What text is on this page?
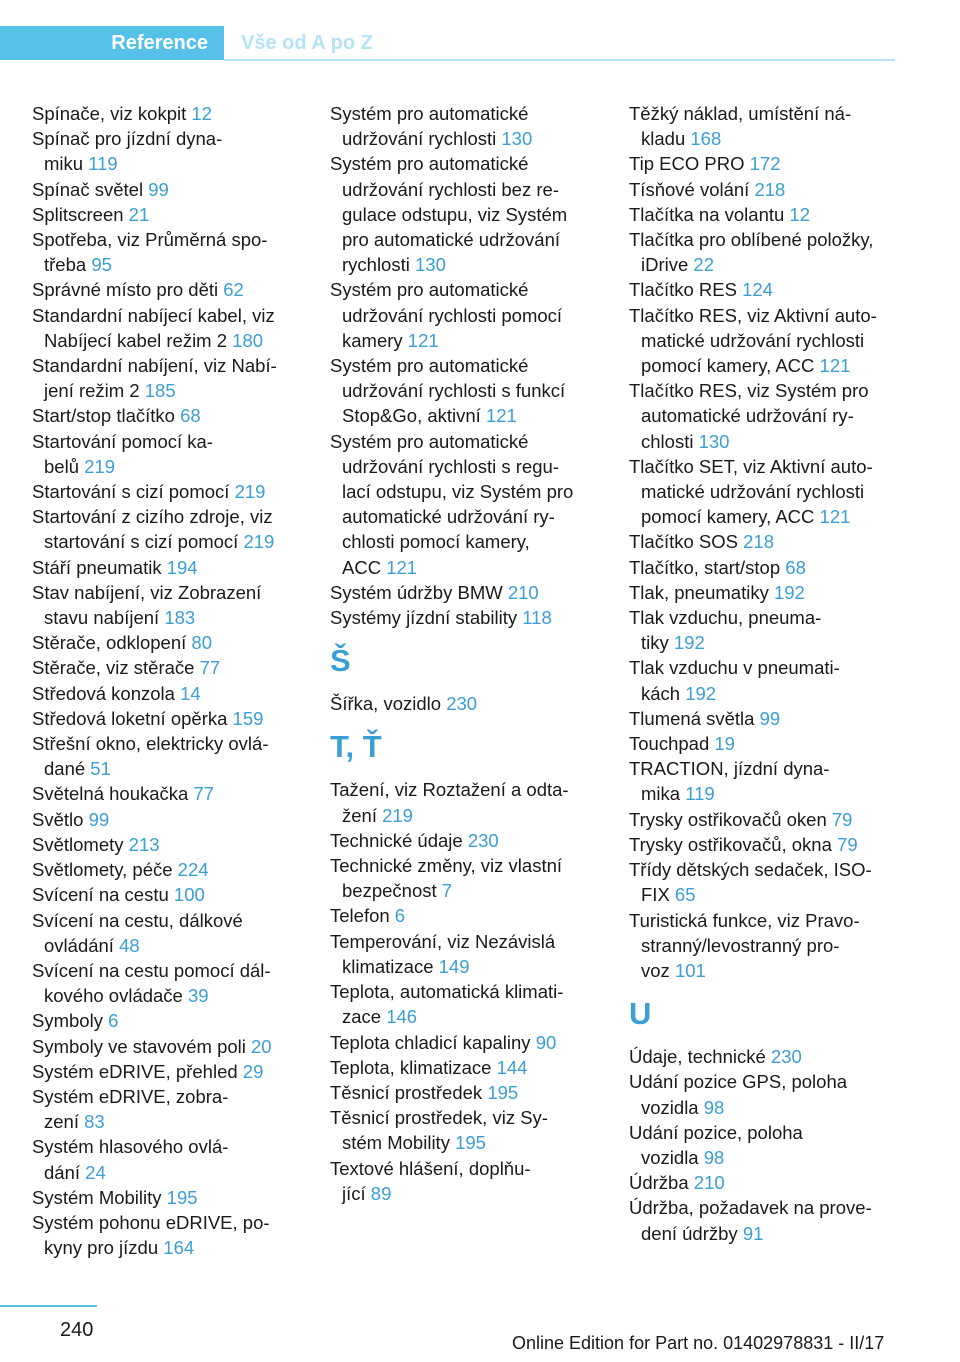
Reference Vše od A po Z
Spínače, viz kokpit 12
Spínač pro jízdní dyna-
miku 119
Spínač světel 99
Splitscreen 21
Spotřeba, viz Průměrná spo-
třeba 95
Správné místo pro děti 62
Standardní nabíjecí kabel, viz
Nabíjecí kabel režim 2 180
Standardní nabíjení, viz Nabí-
jení režim 2 185
Start/stop tlačítko 68
Startování pomocí ka-
belů 219
Startování s cizí pomocí 219
Startování z cizího zdroje, viz
startování s cizí pomocí 219
Stáří pneumatik 194
Stav nabíjení, viz Zobrazení
stavu nabíjení 183
Stěrače, odklopení 80
Stěrače, viz stěrače 77
Středová konzola 14
Středová loketní opěrka 159
Střešní okno, elektricky ovlá-
dané 51
Světelná houkačka 77
Světlo 99
Světlomety 213
Světlomety, péče 224
Svícení na cestu 100
Svícení na cestu, dálkové
ovládání 48
Svícení na cestu pomocí dál-
kového ovládače 39
Symboly 6
Symboly ve stavovém poli 20
Systém eDRIVE, přehled 29
Systém eDRIVE, zobra-
zení 83
Systém hlasového ovlá-
dání 24
Systém Mobility 195
Systém pohonu eDRIVE, po-
kyny pro jízdu 164
Systém pro automatické
udržování rychlosti 130
Systém pro automatické
udržování rychlosti bez re-
gulace odstupu, viz Systém
pro automatické udržování
rychlosti 130
Systém pro automatické
udržování rychlosti pomocí
kamery 121
Systém pro automatické
udržování rychlosti s funkcí
Stop&Go, aktivní 121
Systém pro automatické
udržování rychlosti s regu-
lací odstupu, viz Systém pro
automatické udržování ry-
chlosti pomocí kamery,
ACC 121
Systém údržby BMW 210
Systémy jízdní stability 118
Š
Šířka, vozidlo 230
T, Ť
Tažení, viz Roztažení a odta-
žení 219
Technické údaje 230
Technické změny, viz vlastní
bezpečnost 7
Telefon 6
Temperování, viz Nezávislá
klimatizace 149
Teplota, automatická klimati-
zace 146
Teplota chladicí kapaliny 90
Teplota, klimatizace 144
Těsnicí prostředek 195
Těsnicí prostředek, viz Sy-
stém Mobility 195
Textové hlášení, doplňu-
jící 89
Těžký náklad, umístění ná-
kladu 168
Tip ECO PRO 172
Tísňové volání 218
Tlačítka na volantu 12
Tlačítka pro oblíbené položky,
iDrive 22
Tlačítko RES 124
Tlačítko RES, viz Aktivní auto-
matické udržování rychlosti
pomocí kamery, ACC 121
Tlačítko RES, viz Systém pro
automatické udržování ry-
chlosti 130
Tlačítko SET, viz Aktivní auto-
matické udržování rychlosti
pomocí kamery, ACC 121
Tlačítko SOS 218
Tlačítko, start/stop 68
Tlak, pneumatiky 192
Tlak vzduchu, pneuma-
tiky 192
Tlak vzduchu v pneumati-
kách 192
Tlumená světla 99
Touchpad 19
TRACTION, jízdní dyna-
mika 119
Trysky ostřikovačů oken 79
Trysky ostřikovačů, okna 79
Třídy dětských sedaček, ISO-
FIX 65
Turistická funkce, viz Pravo-
stranný/levostranný pro-
voz 101
U
Údaje, technické 230
Udání pozice GPS, poloha
vozidla 98
Udání pozice, poloha
vozidla 98
Údržba 210
Údržba, požadavek na prove-
dení údržby 91
240
Online Edition for Part no. 01402978831 - II/17
